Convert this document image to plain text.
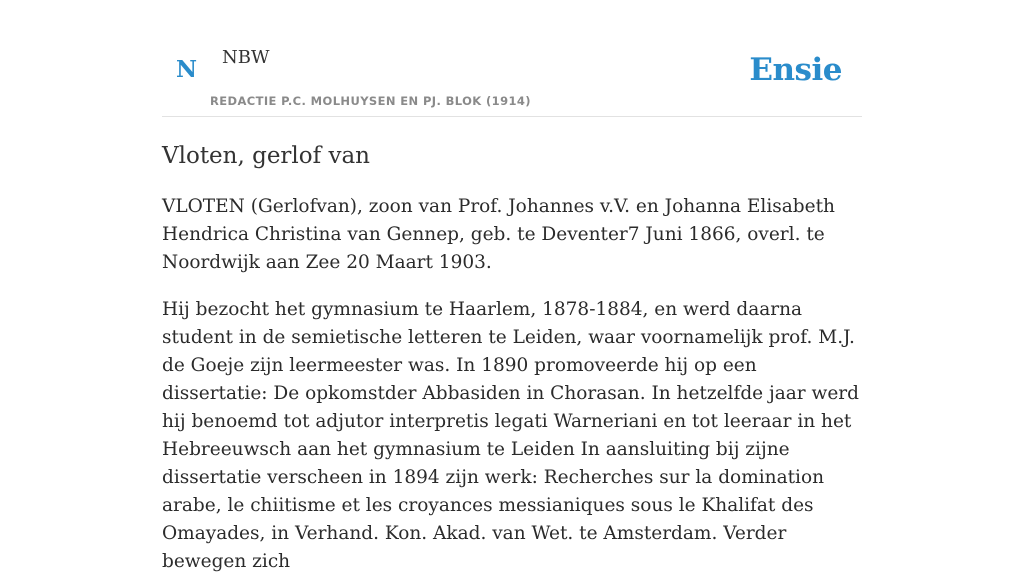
N NBW
REDACTIE P.C. MOLHUYSEN EN PJ. BLOK (1914)
Ensie
Vloten, gerlof van

VLOTEN (Gerlofvan), zoon van Prof. Johannes v.V. en Johanna Elisabeth Hendrica Christina van Gennep, geb. te Deventer7 Juni 1866, overl. te Noordwijk aan Zee 20 Maart 1903.

Hij bezocht het gymnasium te Haarlem, 1878-1884, en werd daarna student in de semietische letteren te Leiden, waar voornamelijk prof. M.J. de Goeje zijn leermeester was. In 1890 promoveerde hij op een dissertatie: De opkomstder Abbasiden in Chorasan. In hetzelfde jaar werd hij benoemd tot adjutor interpretis legati Warneriani en tot leeraar in het Hebreeuwsch aan het gymnasium te Leiden In aansluiting bij zijne dissertatie verscheen in 1894 zijn werk: Recherches sur la domination arabe, le chiitisme et les croyances messianiques sous le Khalifat des Omayades, in Verhand. Kon. Akad. van Wet. te Amsterdam. Verder bewegen zich
